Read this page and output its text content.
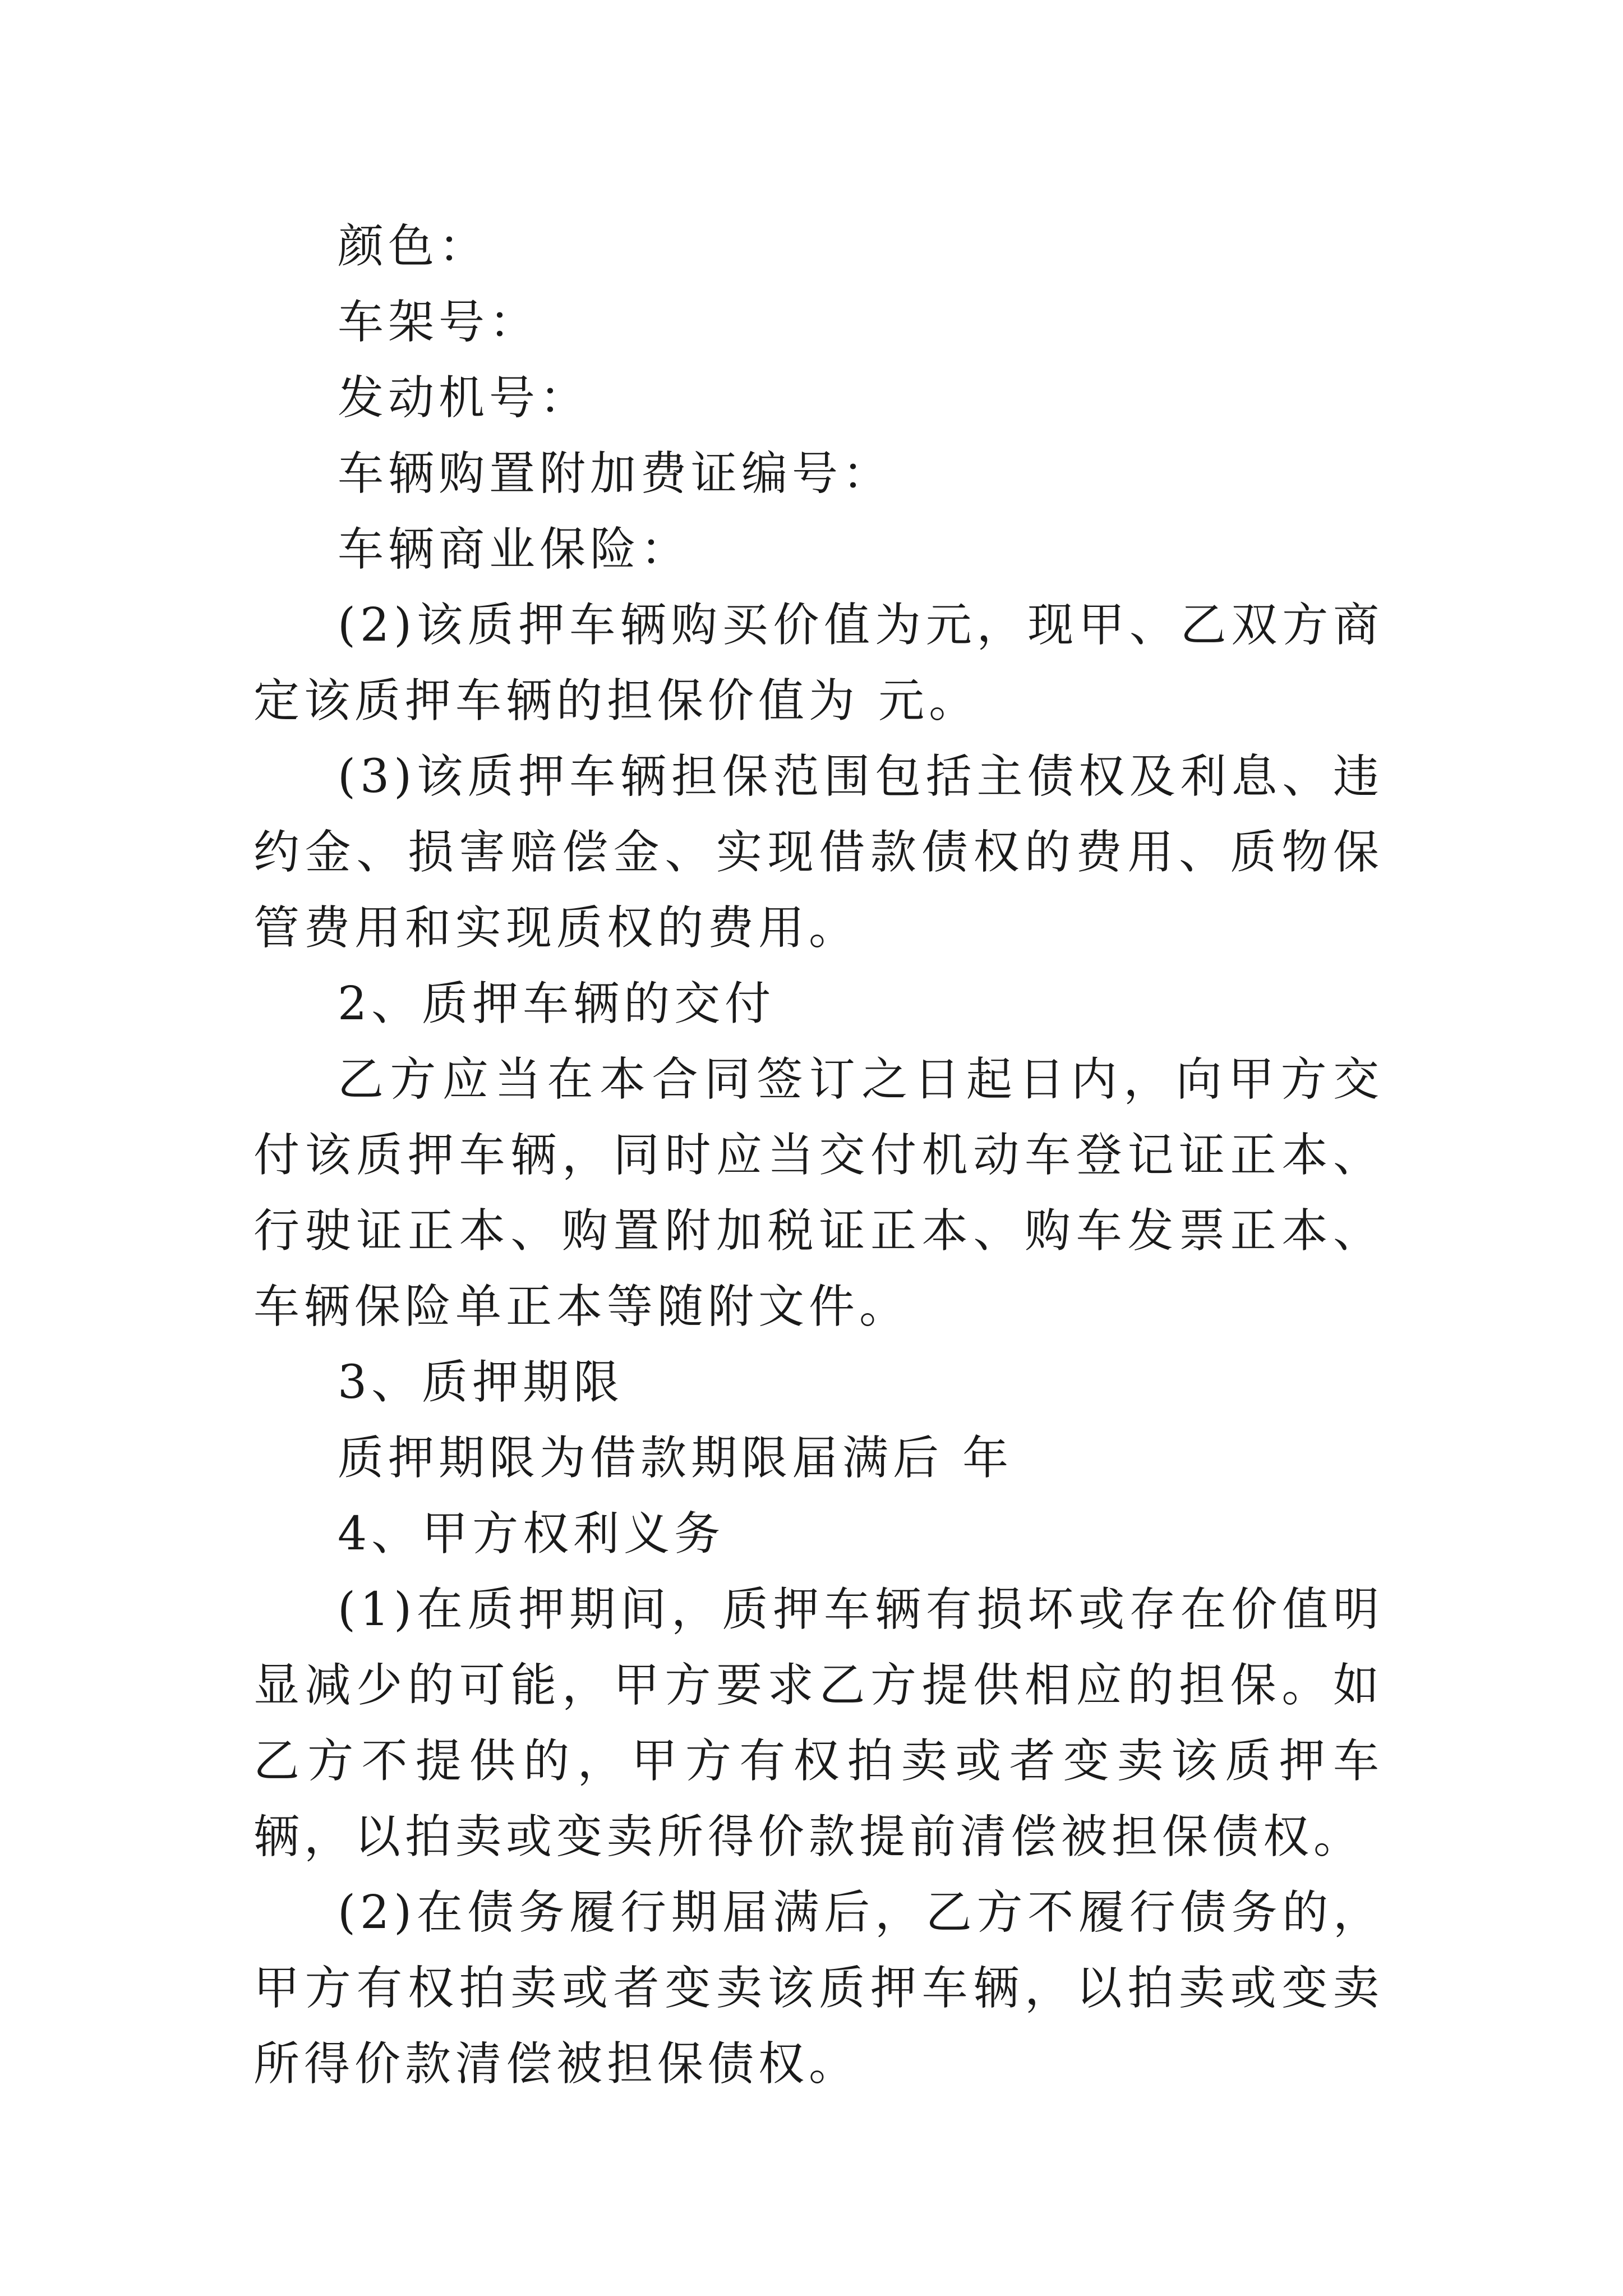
颜色：

车架号：

发动机号：

车辆购置附加费证编号：

车辆商业保险：

(2)该质押车辆购买价值为元，现甲、乙双方商定该质押车辆的担保价值为 元。

(3)该质押车辆担保范围包括主债权及利息、违约金、损害赔偿金、实现借款债权的费用、质物保管费用和实现质权的费用。

2、质押车辆的交付

乙方应当在本合同签订之日起日内，向甲方交付该质押车辆，同时应当交付机动车登记证正本、行驶证正本、购置附加税证正本、购车发票正本、车辆保险单正本等随附文件。

3、质押期限

质押期限为借款期限届满后 年

4、甲方权利义务

(1)在质押期间，质押车辆有损坏或存在价值明显减少的可能，甲方要求乙方提供相应的担保。如乙方不提供的，甲方有权拍卖或者变卖该质押车辆，以拍卖或变卖所得价款提前清偿被担保债权。

(2)在债务履行期届满后，乙方不履行债务的，甲方有权拍卖或者变卖该质押车辆，以拍卖或变卖所得价款清偿被担保债权。
